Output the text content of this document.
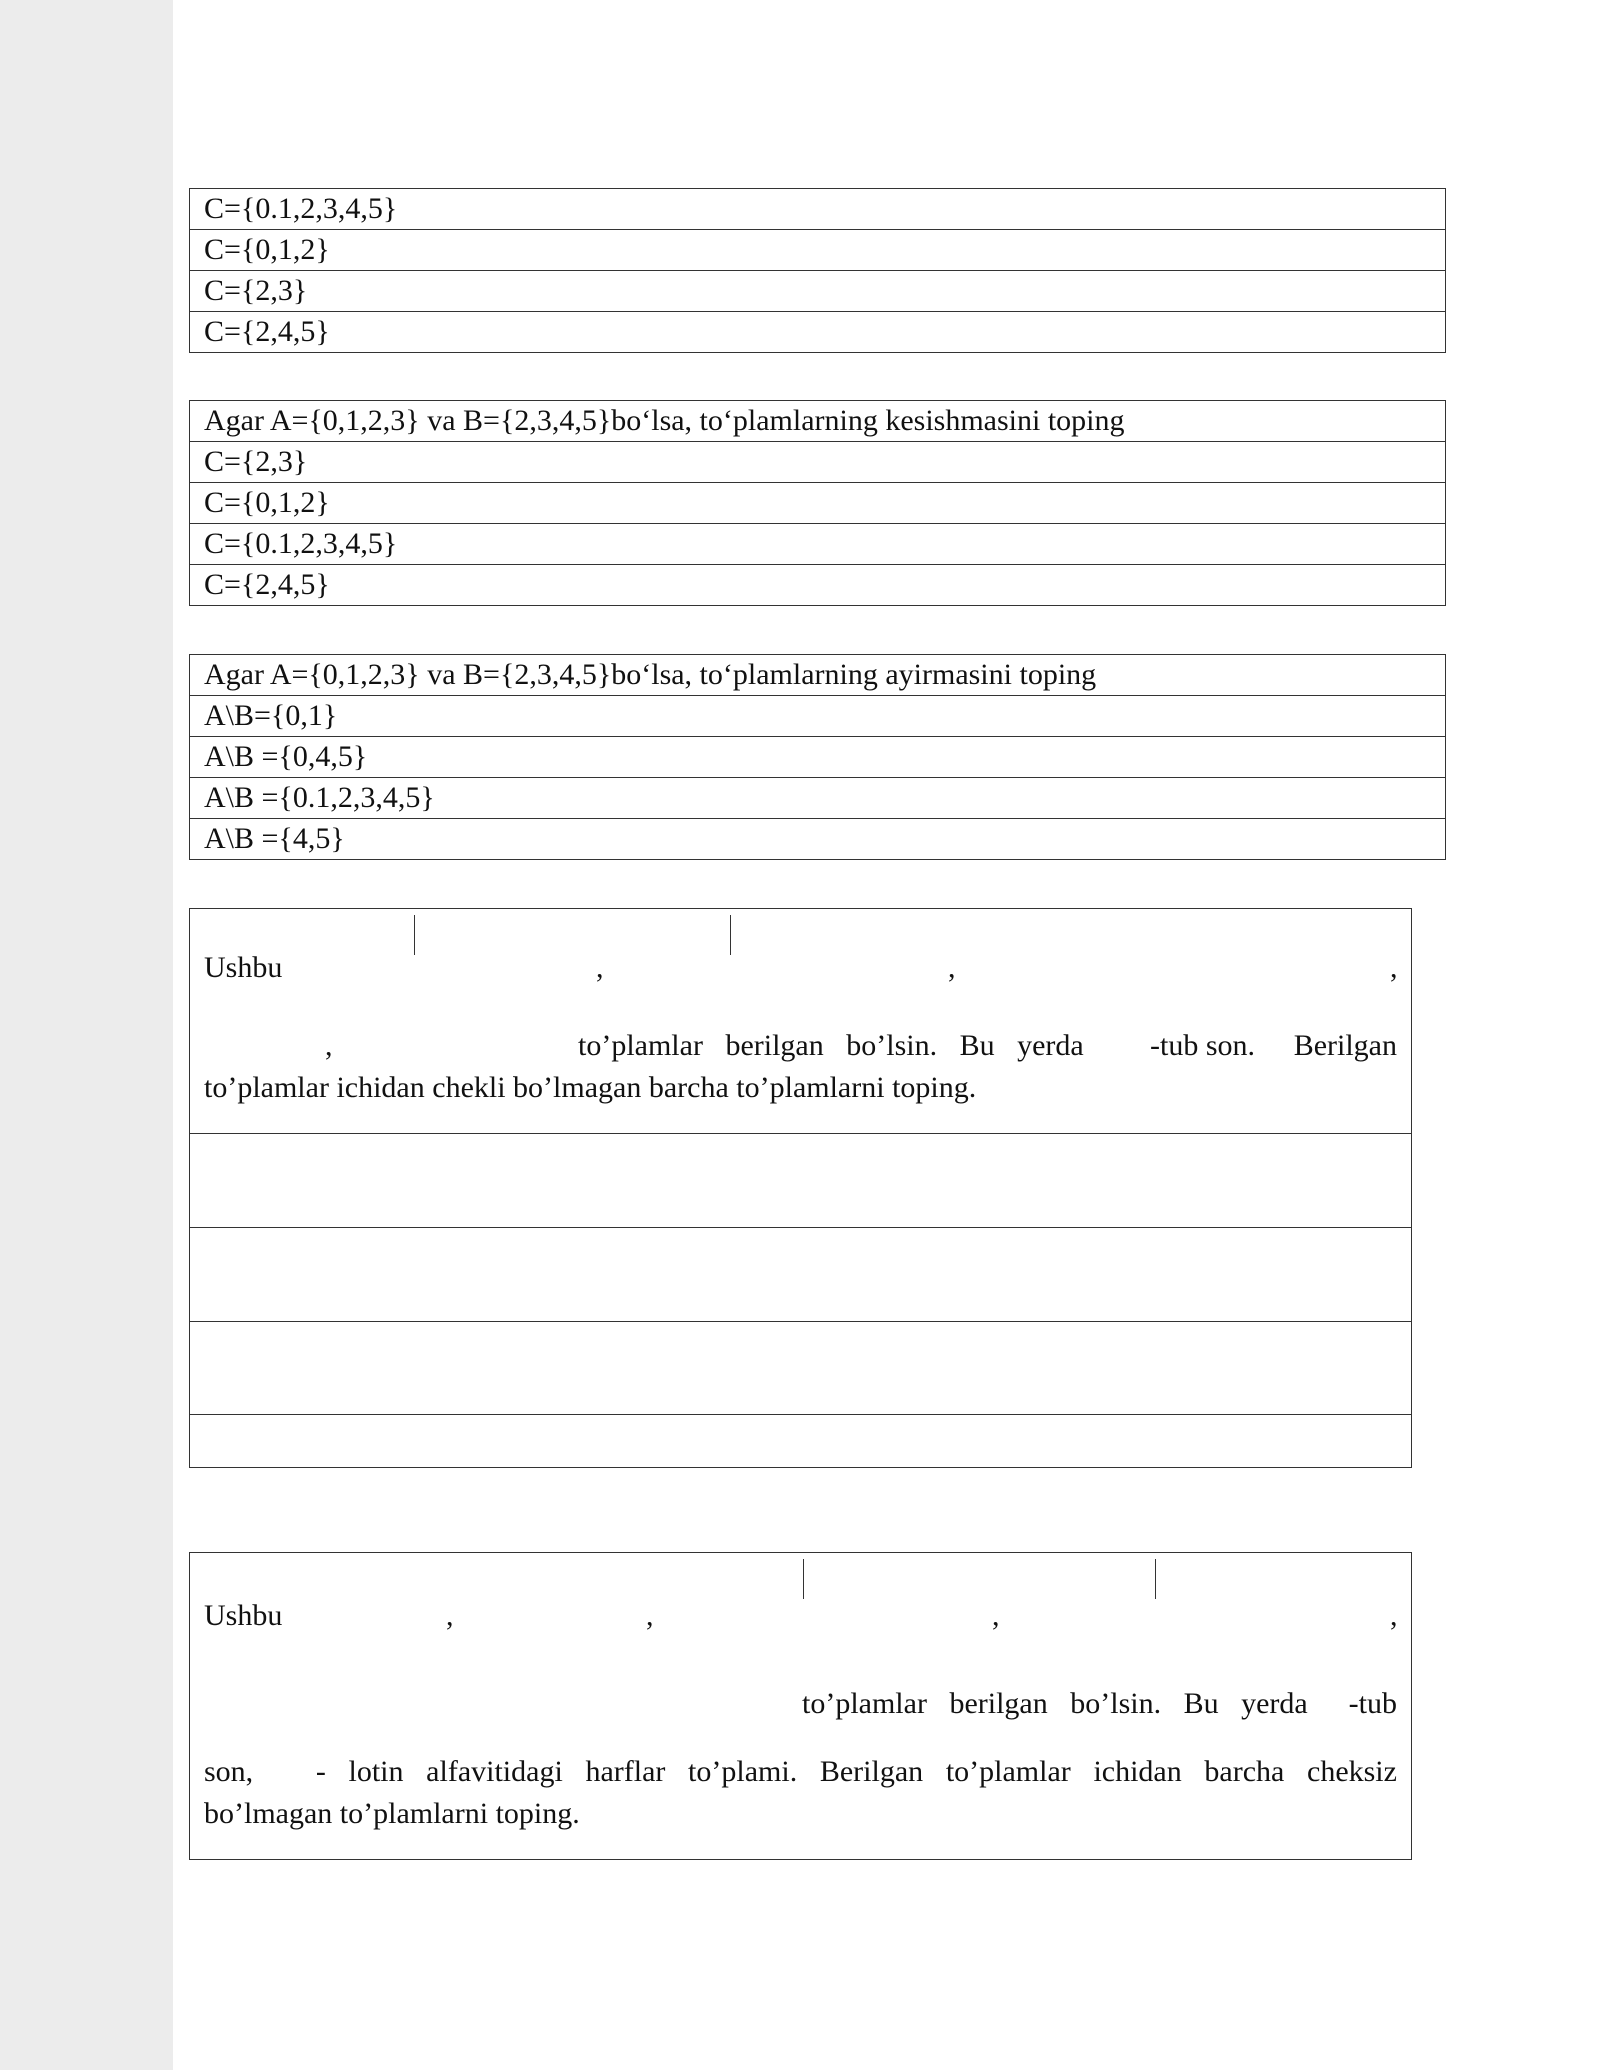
C={0.1,2,3,4,5}
C={0,1,2}
C={2,3}
C={2,4,5}
Agar A={0,1,2,3} va B={2,3,4,5}bo‘lsa, to‘plamlarning kesishmasini toping
C={2,3}
C={0,1,2}
C={0.1,2,3,4,5}
C={2,4,5}
Agar A={0,1,2,3} va B={2,3,4,5}bo‘lsa, to‘plamlarning ayirmasini toping
A\B={0,1}
A\B ={0,4,5}
A\B ={0.1,2,3,4,5}
A\B ={4,5}
Ushbu	,	,	,
,	to’plamlar berilgan bo’lsin. Bu yerda -tub son. Berilgan
to’plamlar ichidan chekli bo’lmagan barcha to’plamlarni toping.
Ushbu	,	,	,	,
to’plamlar berilgan bo’lsin. Bu yerda -tub
son, - lotin alfavitidagi harflar to’plami. Berilgan to’plamlar ichidan barcha cheksiz
bo’lmagan to’plamlarni toping.
